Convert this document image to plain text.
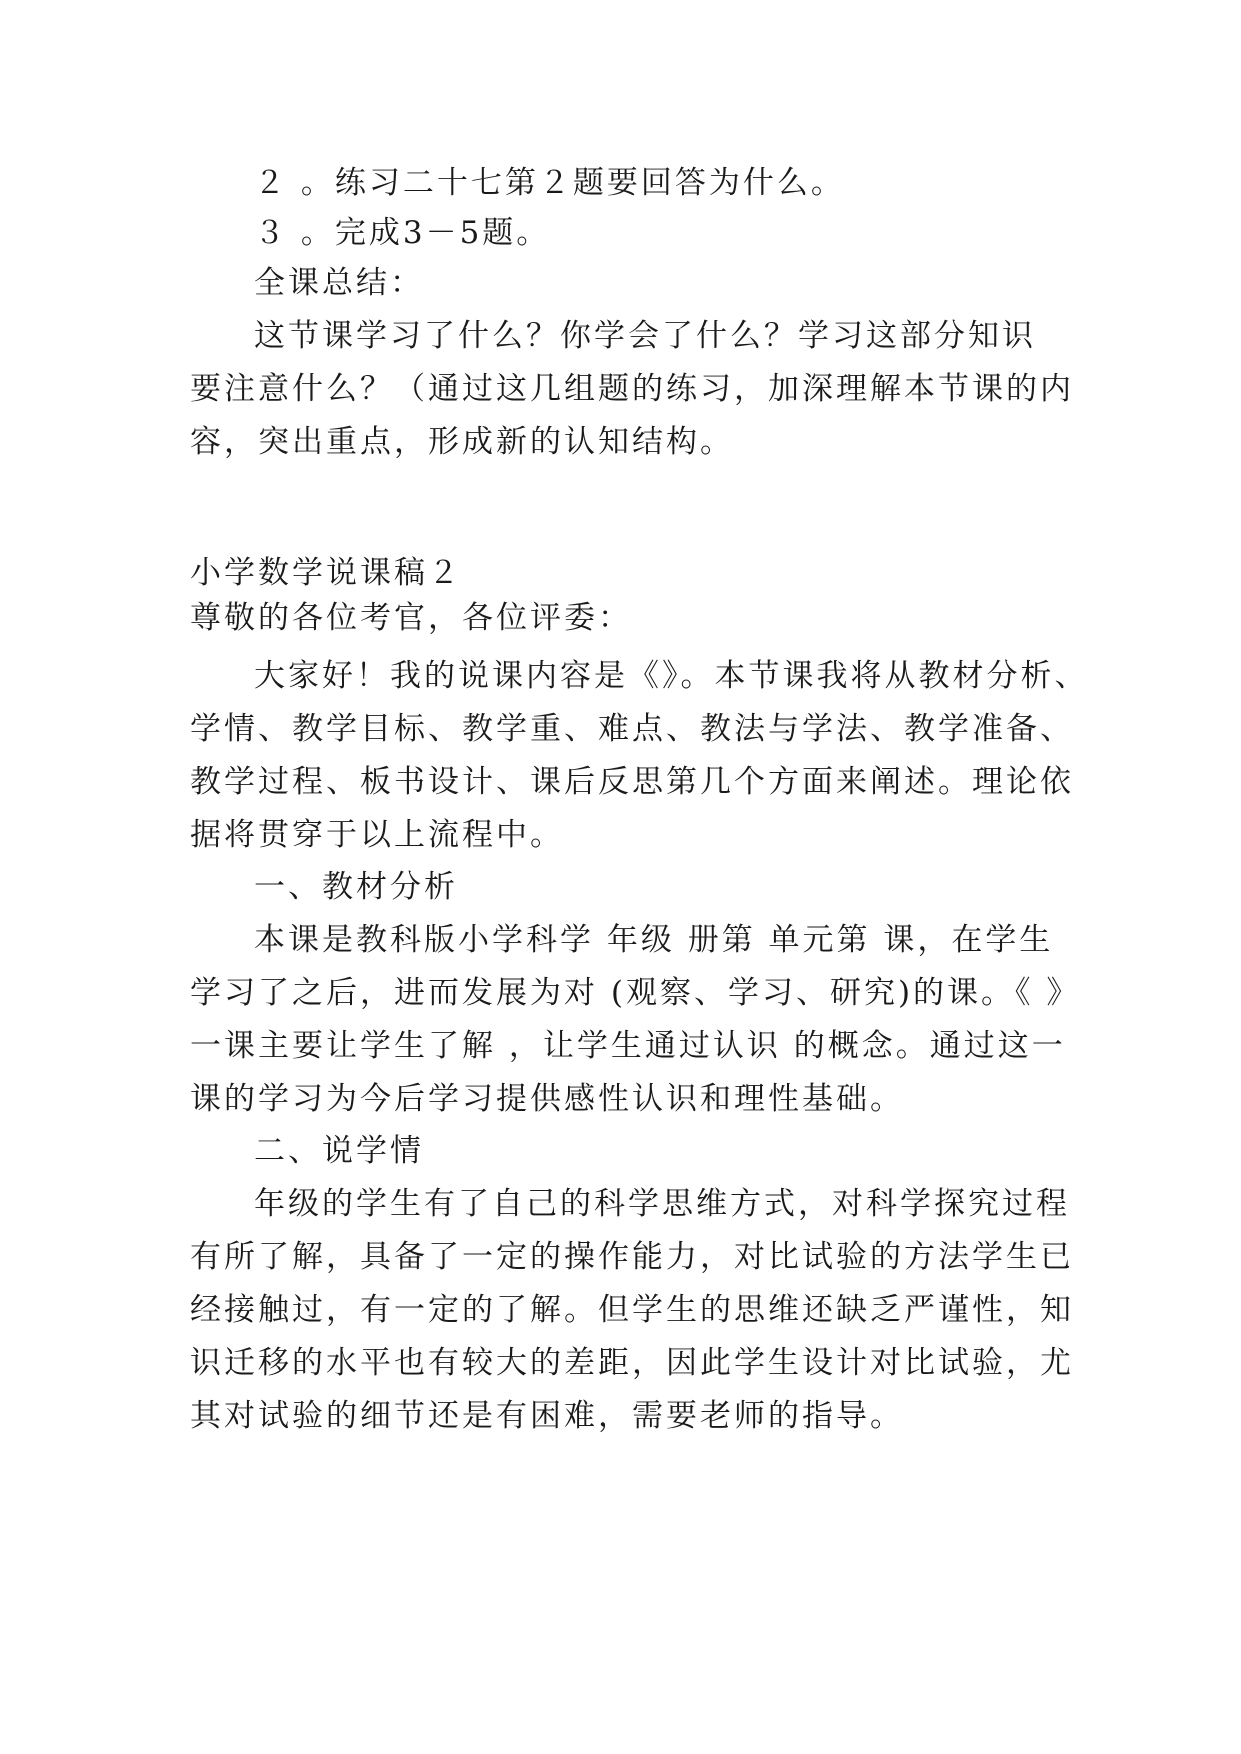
２ 。练习二十七第２题要回答为什么。

３ 。完成3－5题。

全课总结：

这节课学习了什么？你学会了什么？学习这部分知识

要注意什么？（通过这几组题的练习，加深理解本节课的内

容，突出重点，形成新的认知结构。

小学数学说课稿２

尊敬的各位考官，各位评委：

大家好！我的说课内容是《》。本节课我将从教材分析、

学情、教学目标、教学重、难点、教法与学法、教学准备、

教学过程、板书设计、课后反思第几个方面来阐述。理论依

据将贯穿于以上流程中。

一、教材分析

本课是教科版小学科学 年级 册第 单元第 课，在学生

学习了之后，进而发展为对 (观察、学习、研究)的课。《 》

一课主要让学生了解 ，让学生通过认识 的概念。通过这一

课的学习为今后学习提供感性认识和理性基础。

二、说学情

年级的学生有了自己的科学思维方式，对科学探究过程

有所了解，具备了一定的操作能力，对比试验的方法学生已

经接触过，有一定的了解。但学生的思维还缺乏严谨性，知

识迁移的水平也有较大的差距，因此学生设计对比试验，尤

其对试验的细节还是有困难，需要老师的指导。
